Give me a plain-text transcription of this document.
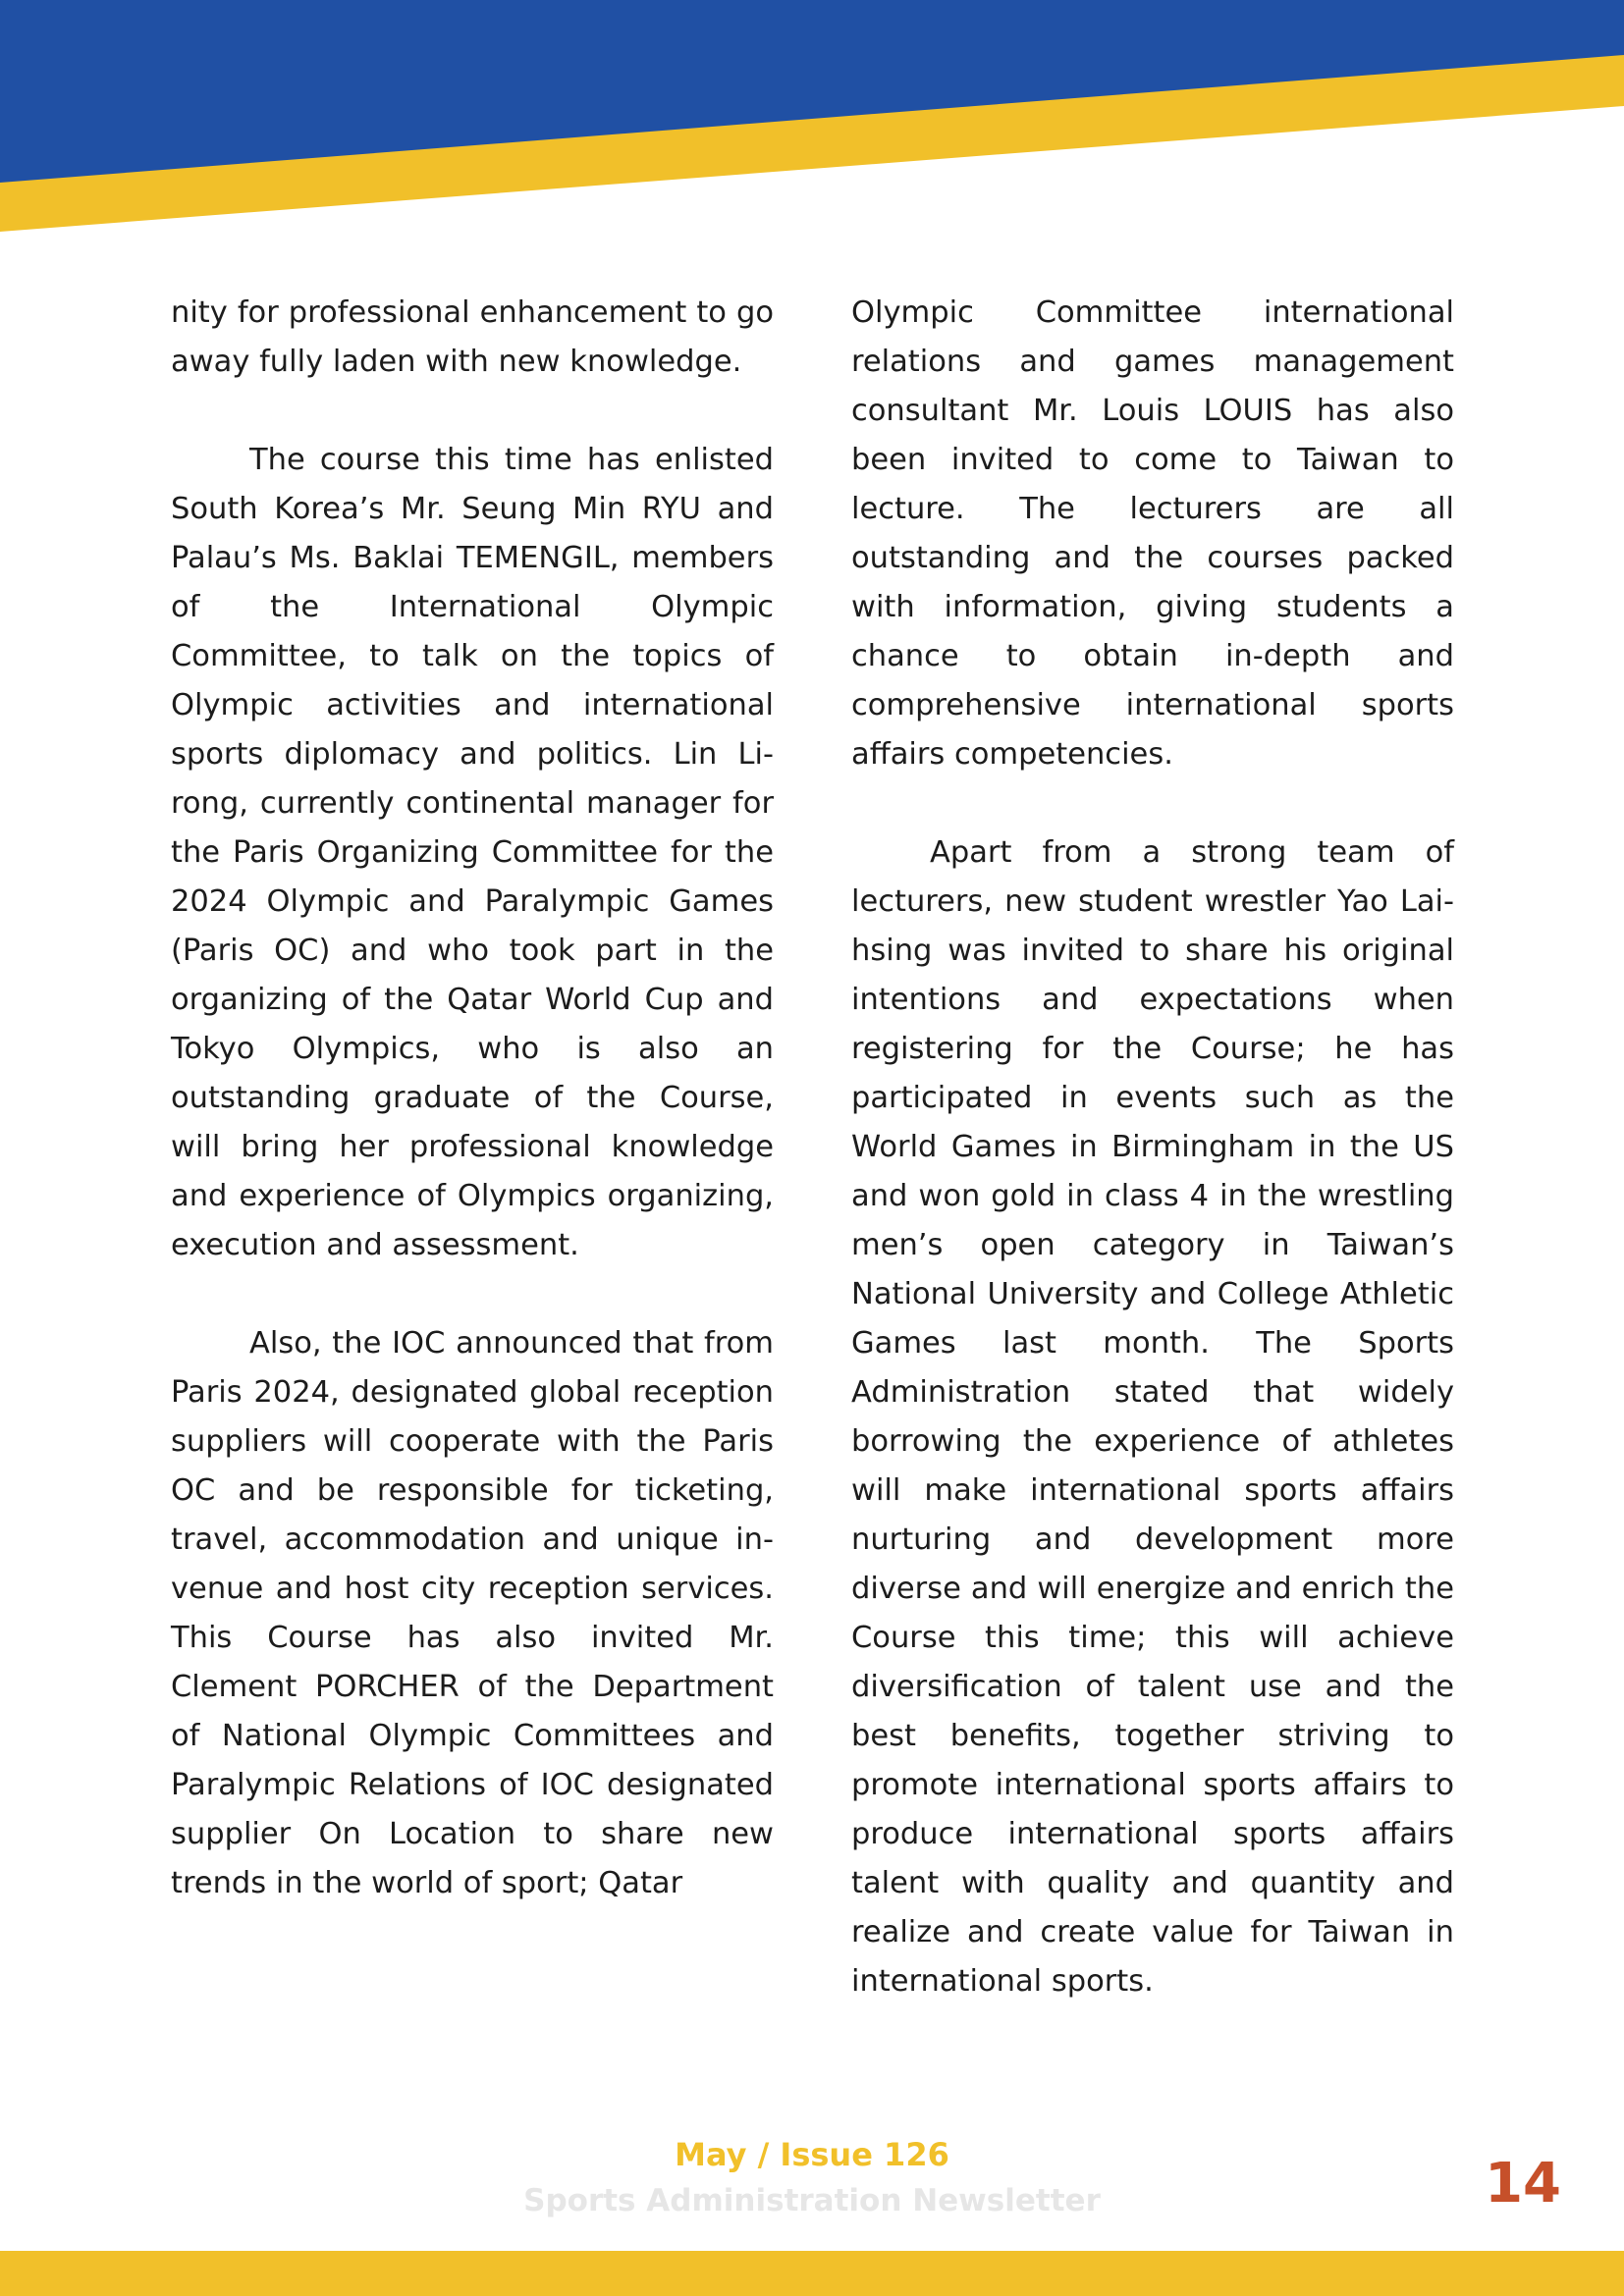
nity for professional enhancement to go away fully laden with new knowledge.

The course this time has enlisted South Korea’s Mr. Seung Min RYU and Palau’s Ms. Baklai TEMENGIL, members of the International Olympic Committee, to talk on the topics of Olympic activities and international sports diplomacy and politics. Lin Li-rong, currently continental manager for the Paris Organizing Committee for the 2024 Olympic and Paralympic Games (Paris OC) and who took part in the organizing of the Qatar World Cup and Tokyo Olympics, who is also an outstanding graduate of the Course, will bring her professional knowledge and experience of Olympics organizing, execution and assessment.

Also, the IOC announced that from Paris 2024, designated global reception suppliers will cooperate with the Paris OC and be responsible for ticketing, travel, accommodation and unique in-venue and host city reception services. This Course has also invited Mr. Clement PORCHER of the Department of National Olympic Committees and Paralympic Relations of IOC designated supplier On Location to share new trends in the world of sport; Qatar

Olympic Committee international relations and games management consultant Mr. Louis LOUIS has also been invited to come to Taiwan to lecture. The lecturers are all outstanding and the courses packed with information, giving students a chance to obtain in-depth and comprehensive international sports affairs competencies.

Apart from a strong team of lecturers, new student wrestler Yao Lai-hsing was invited to share his original intentions and expectations when registering for the Course; he has participated in events such as the World Games in Birmingham in the US and won gold in class 4 in the wrestling men’s open category in Taiwan’s National University and College Athletic Games last month. The Sports Administration stated that widely borrowing the experience of athletes will make international sports affairs nurturing and development more diverse and will energize and enrich the Course this time; this will achieve diversification of talent use and the best benefits, together striving to promote international sports affairs to produce international sports affairs talent with quality and quantity and realize and create value for Taiwan in international sports.

May / Issue 126
Sports Administration Newsletter	14
